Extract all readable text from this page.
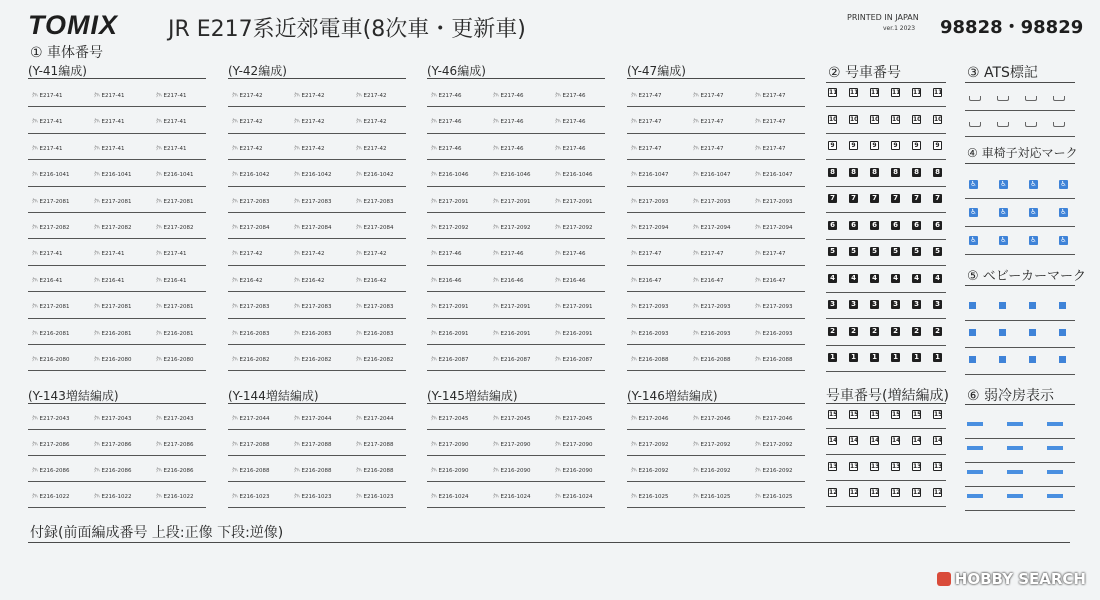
TOMIX JR E217系近郊電車(8次車・更新車)	PRINTED IN JAPAN
ver.1 2023 98828・98829
① 車体番号
(Y-41編成)
ｸﾊ E217-41	ｸﾊ E217-41	ｸﾊ E217-41
ｸﾊ E217-41	ｸﾊ E217-41	ｸﾊ E217-41
ｸﾊ E217-41	ｸﾊ E217-41	ｸﾊ E217-41
ｸﾊ E216-1041	ｸﾊ E216-1041	ｸﾊ E216-1041
ｸﾊ E217-2081	ｸﾊ E217-2081	ｸﾊ E217-2081
ｸﾊ E217-2082	ｸﾊ E217-2082	ｸﾊ E217-2082
ｸﾊ E217-41	ｸﾊ E217-41	ｸﾊ E217-41
ｸﾊ E216-41	ｸﾊ E216-41	ｸﾊ E216-41
ｸﾊ E217-2081	ｸﾊ E217-2081	ｸﾊ E217-2081
ｸﾊ E216-2081	ｸﾊ E216-2081	ｸﾊ E216-2081
ｸﾊ E216-2080	ｸﾊ E216-2080	ｸﾊ E216-2080
(Y-42編成)
ｸﾊ E217-42	ｸﾊ E217-42	ｸﾊ E217-42
ｸﾊ E217-42	ｸﾊ E217-42	ｸﾊ E217-42
ｸﾊ E217-42	ｸﾊ E217-42	ｸﾊ E217-42
ｸﾊ E216-1042	ｸﾊ E216-1042	ｸﾊ E216-1042
ｸﾊ E217-2083	ｸﾊ E217-2083	ｸﾊ E217-2083
ｸﾊ E217-2084	ｸﾊ E217-2084	ｸﾊ E217-2084
ｸﾊ E217-42	ｸﾊ E217-42	ｸﾊ E217-42
ｸﾊ E216-42	ｸﾊ E216-42	ｸﾊ E216-42
ｸﾊ E217-2083	ｸﾊ E217-2083	ｸﾊ E217-2083
ｸﾊ E216-2083	ｸﾊ E216-2083	ｸﾊ E216-2083
ｸﾊ E216-2082	ｸﾊ E216-2082	ｸﾊ E216-2082
(Y-46編成)
ｸﾊ E217-46	ｸﾊ E217-46	ｸﾊ E217-46
ｸﾊ E217-46	ｸﾊ E217-46	ｸﾊ E217-46
ｸﾊ E217-46	ｸﾊ E217-46	ｸﾊ E217-46
ｸﾊ E216-1046	ｸﾊ E216-1046	ｸﾊ E216-1046
ｸﾊ E217-2091	ｸﾊ E217-2091	ｸﾊ E217-2091
ｸﾊ E217-2092	ｸﾊ E217-2092	ｸﾊ E217-2092
ｸﾊ E217-46	ｸﾊ E217-46	ｸﾊ E217-46
ｸﾊ E216-46	ｸﾊ E216-46	ｸﾊ E216-46
ｸﾊ E217-2091	ｸﾊ E217-2091	ｸﾊ E217-2091
ｸﾊ E216-2091	ｸﾊ E216-2091	ｸﾊ E216-2091
ｸﾊ E216-2087	ｸﾊ E216-2087	ｸﾊ E216-2087
(Y-47編成)
ｸﾊ E217-47	ｸﾊ E217-47	ｸﾊ E217-47
ｸﾊ E217-47	ｸﾊ E217-47	ｸﾊ E217-47
ｸﾊ E217-47	ｸﾊ E217-47	ｸﾊ E217-47
ｸﾊ E216-1047	ｸﾊ E216-1047	ｸﾊ E216-1047
ｸﾊ E217-2093	ｸﾊ E217-2093	ｸﾊ E217-2093
ｸﾊ E217-2094	ｸﾊ E217-2094	ｸﾊ E217-2094
ｸﾊ E217-47	ｸﾊ E217-47	ｸﾊ E217-47
ｸﾊ E216-47	ｸﾊ E216-47	ｸﾊ E216-47
ｸﾊ E217-2093	ｸﾊ E217-2093	ｸﾊ E217-2093
ｸﾊ E216-2093	ｸﾊ E216-2093	ｸﾊ E216-2093
ｸﾊ E216-2088	ｸﾊ E216-2088	ｸﾊ E216-2088
(Y-143増結編成)
ｸﾊ E217-2043	ｸﾊ E217-2043	ｸﾊ E217-2043
ｸﾊ E217-2086	ｸﾊ E217-2086	ｸﾊ E217-2086
ｸﾊ E216-2086	ｸﾊ E216-2086	ｸﾊ E216-2086
ｸﾊ E216-1022	ｸﾊ E216-1022	ｸﾊ E216-1022
(Y-144増結編成)
ｸﾊ E217-2044	ｸﾊ E217-2044	ｸﾊ E217-2044
ｸﾊ E217-2088	ｸﾊ E217-2088	ｸﾊ E217-2088
ｸﾊ E216-2088	ｸﾊ E216-2088	ｸﾊ E216-2088
ｸﾊ E216-1023	ｸﾊ E216-1023	ｸﾊ E216-1023
(Y-145増結編成)
ｸﾊ E217-2045	ｸﾊ E217-2045	ｸﾊ E217-2045
ｸﾊ E217-2090	ｸﾊ E217-2090	ｸﾊ E217-2090
ｸﾊ E216-2090	ｸﾊ E216-2090	ｸﾊ E216-2090
ｸﾊ E216-1024	ｸﾊ E216-1024	ｸﾊ E216-1024
(Y-146増結編成)
ｸﾊ E217-2046	ｸﾊ E217-2046	ｸﾊ E217-2046
ｸﾊ E217-2092	ｸﾊ E217-2092	ｸﾊ E217-2092
ｸﾊ E216-2092	ｸﾊ E216-2092	ｸﾊ E216-2092
ｸﾊ E216-1025	ｸﾊ E216-1025	ｸﾊ E216-1025
② 号車番号	③ ATS標記
④ 車椅子対応マーク
⑤ ベビーカーマーク
号車番号(増結編成) ⑥ 弱冷房表示
11 11 11 11 11 11
10 10 10 10 10 10
9	9	9	9	9	9
8 8 8 8 8 8
7 7 7 7 7 7
6 6 6 6 6 6
5 5 5 5 5 5
4 4 4 4 4 4
3 3 3 3 3 3
2 2 2 2 2 2
1 1 1 1 1 1
15 15 15 15 15 15
14 14 14 14 14 14
13 13 13 13 13 13
12 12 12 12 12 12
♿	♿	♿	♿
♿	♿	♿	♿
♿	♿	♿	♿
付録(前面編成番号 上段:正像 下段:逆像)
HOBBY SEARCH
